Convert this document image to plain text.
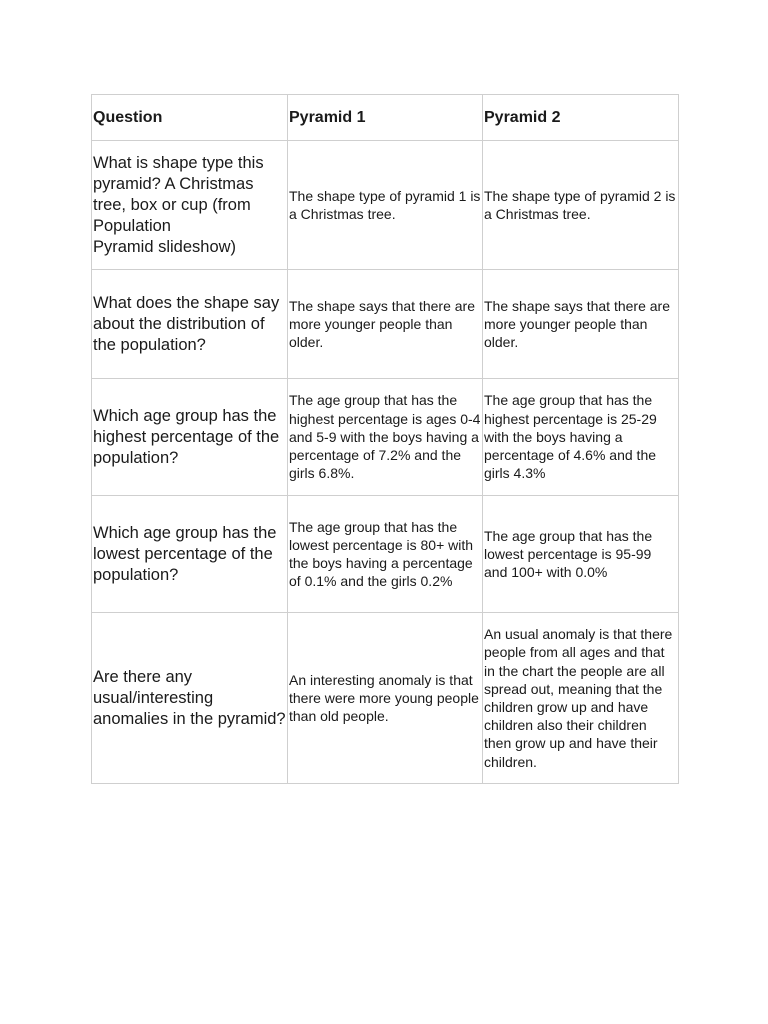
Question	Pyramid 1	Pyramid 2

What is shape type this pyramid? A Christmas tree, box or cup (from Population
Pyramid slideshow)	The shape type of pyramid 1 is a Christmas tree.	The shape type of pyramid 2 is a Christmas tree.

What does the shape say about the distribution of the population?	The shape says that there are more younger people than older.	The shape says that there are more younger people than older.

Which age group has the highest percentage of the population?	The age group that has the highest percentage is ages 0-4 and 5-9 with the boys having a percentage of 7.2% and the girls 6.8%.	The age group that has the highest percentage is 25-29 with the boys having a percentage of 4.6% and the girls 4.3%

Which age group has the lowest percentage of the population?	The age group that has the lowest percentage is 80+ with the boys having a percentage of 0.1% and the girls 0.2%	The age group that has the lowest percentage is 95-99 and 100+ with 0.0%

Are there any usual/interesting anomalies in the pyramid?	An interesting anomaly is that there were more young people than old people.	An usual anomaly is that there people from all ages and that in the chart the people are all spread out, meaning that the children grow up and have children also their children then grow up and have their children.
